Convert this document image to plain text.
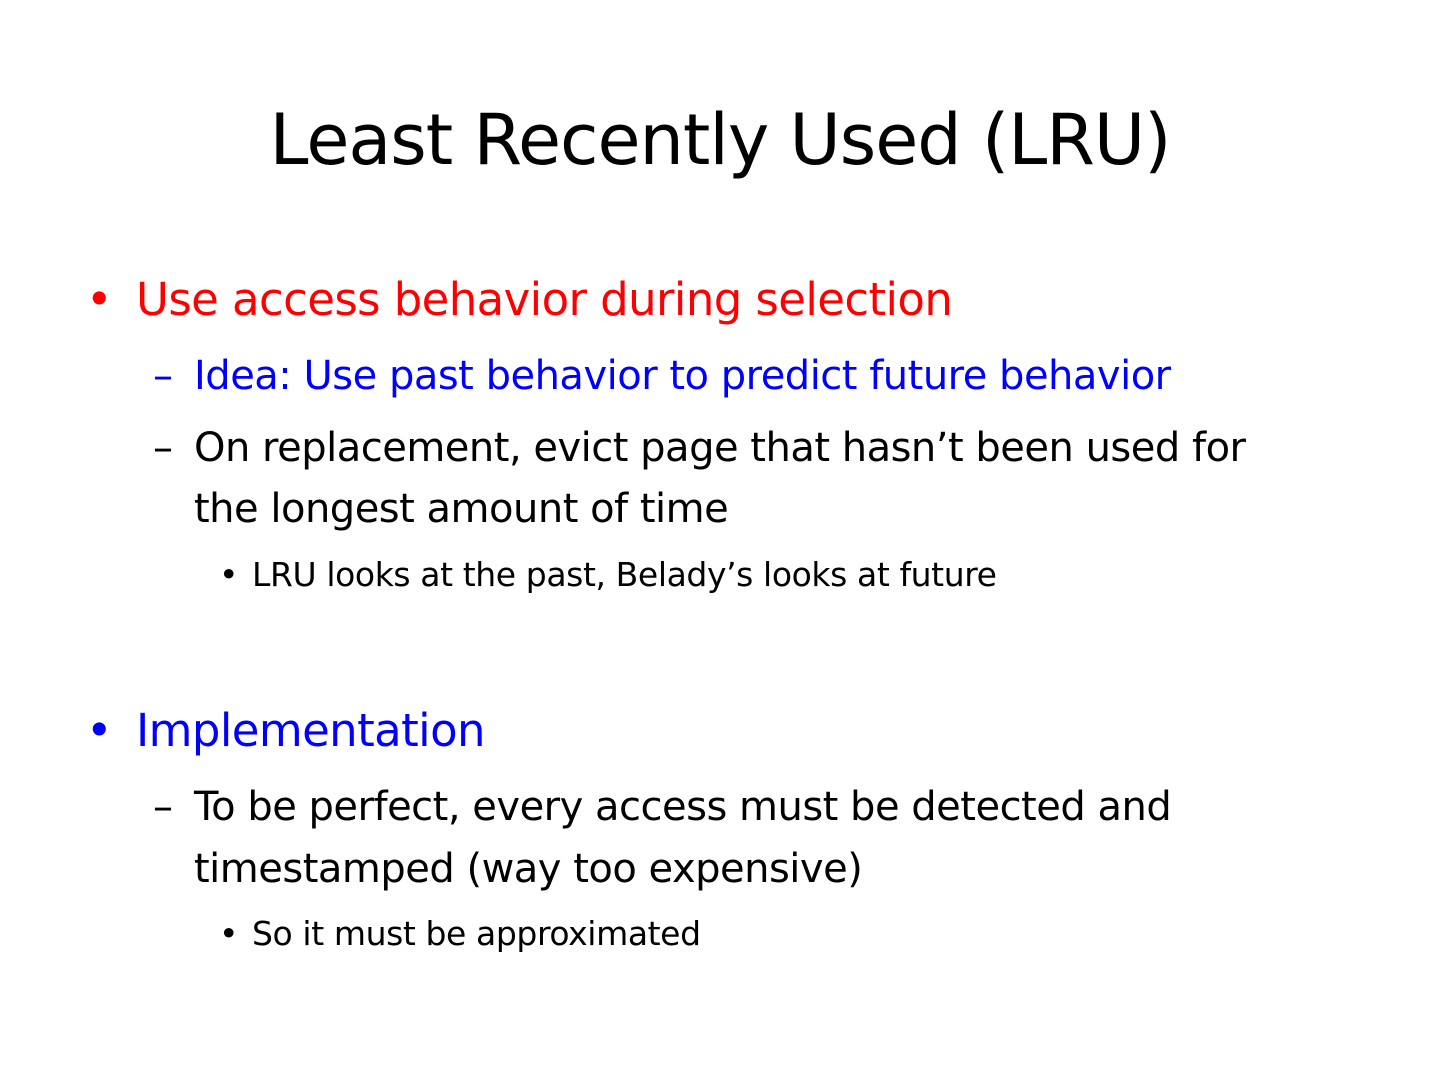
Least Recently Used (LRU)
• Use access behavior during selection
– Idea: Use past behavior to predict future behavior
– On replacement, evict page that hasn’t been used for
the longest amount of time
• LRU looks at the past, Belady’s looks at future
• Implementation
– To be perfect, every access must be detected and
timestamped (way too expensive)
• So it must be approximated
